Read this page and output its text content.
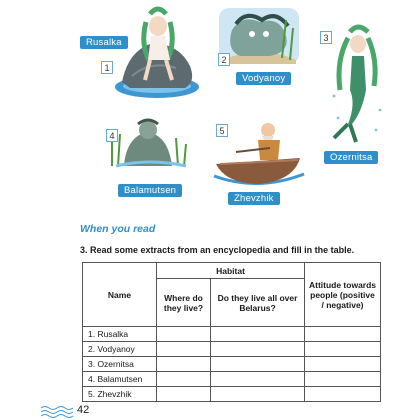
Rusalka
1
2
Vodyanoy
3
Ozernitsa
4
Balamutsen
5
Zhevzhik
When you read
3. Read some extracts from an encyclopedia and fill in the table.
Name	Habitat		Attitude towards people (positive / negative)
	Where do they live?	Do they live all over Belarus?	
1. Rusalka			
2. Vodyanoy			
3. Ozernitsa			
4. Balamutsen			
5. Zhevzhik			
42
